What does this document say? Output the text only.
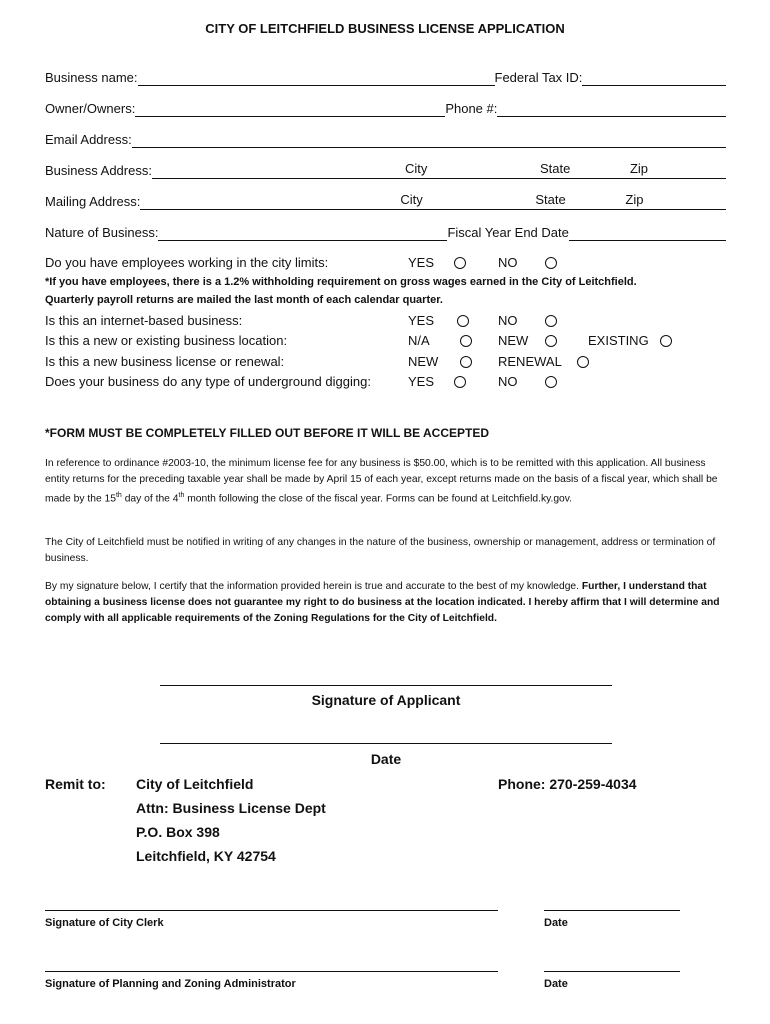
CITY OF LEITCHFIELD BUSINESS LICENSE APPLICATION
Business name:	Federal Tax ID:
Owner/Owners:	Phone #:
Email Address:
Business Address:	City	State	Zip
Mailing Address:	City	State	Zip
Nature of Business:	Fiscal Year End Date
Do you have employees working in the city limits:	YES	NO
*If you have employees, there is a 1.2% withholding requirement on gross wages earned in the City of Leitchfield.
Quarterly payroll returns are mailed the last month of each calendar quarter.
Is this an internet-based business:	YES	NO
Is this a new or existing business location:	N/A	NEW	EXISTING
Is this a new business license or renewal:	NEW	RENEWAL
Does your business do any type of underground digging:	YES	NO
*FORM MUST BE COMPLETELY FILLED OUT BEFORE IT WILL BE ACCEPTED
In reference to ordinance #2003-10, the minimum license fee for any business is $50.00, which is to be remitted with this application. All business entity returns for the preceding taxable year shall be made by April 15 of each year, except returns made on the basis of a fiscal year, which shall be made by the 15th day of the 4th month following the close of the fiscal year. Forms can be found at Leitchfield.ky.gov.
The City of Leitchfield must be notified in writing of any changes in the nature of the business, ownership or management, address or termination of business.
By my signature below, I certify that the information provided herein is true and accurate to the best of my knowledge. Further, I understand that obtaining a business license does not guarantee my right to do business at the location indicated. I hereby affirm that I will determine and comply with all applicable requirements of the Zoning Regulations for the City of Leitchfield.
Signature of Applicant
Date
Remit to: City of Leitchfield
Attn: Business License Dept
P.O. Box 398
Leitchfield, KY 42754
Phone: 270-259-4034
Signature of City Clerk	Date
Signature of Planning and Zoning Administrator	Date
